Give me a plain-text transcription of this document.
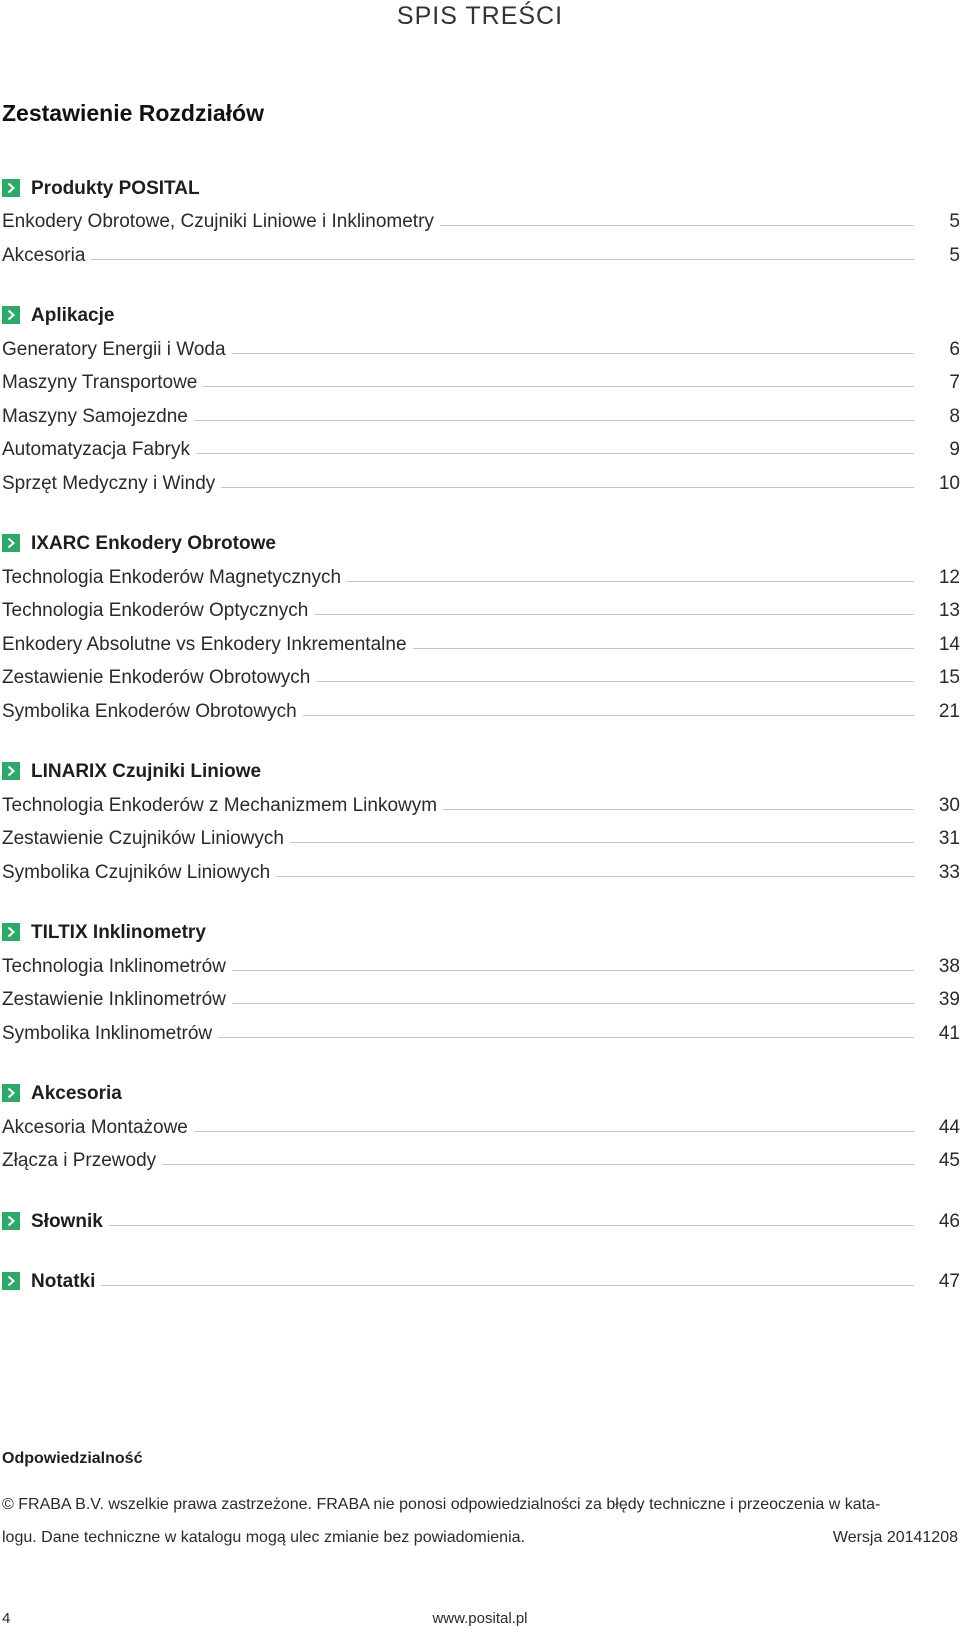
SPIS TREŚCI
Zestawienie Rozdziałów
Produkty POSITAL
Enkodery Obrotowe, Czujniki Liniowe i Inklinometry	5
Akcesoria	5
Aplikacje
Generatory Energii i Woda	6
Maszyny Transportowe	7
Maszyny Samojezdne	8
Automatyzacja Fabryk	9
Sprzęt Medyczny i Windy	10
IXARC Enkodery Obrotowe
Technologia Enkoderów Magnetycznych	12
Technologia Enkoderów Optycznych	13
Enkodery Absolutne vs Enkodery Inkrementalne	14
Zestawienie Enkoderów Obrotowych	15
Symbolika Enkoderów Obrotowych	21
LINARIX Czujniki Liniowe
Technologia Enkoderów z Mechanizmem Linkowym	30
Zestawienie Czujników Liniowych	31
Symbolika Czujników Liniowych	33
TILTIX Inklinometry
Technologia Inklinometrów	38
Zestawienie Inklinometrów	39
Symbolika Inklinometrów	41
Akcesoria
Akcesoria Montażowe	44
Złącza i Przewody	45
Słownik	46
Notatki	47
Odpowiedzialność
© FRABA B.V. wszelkie prawa zastrzeżone. FRABA nie ponosi odpowiedzialności za błędy techniczne i przeoczenia w kata-
logu. Dane techniczne w katalogu mogą ulec zmianie bez powiadomienia.	Wersja 20141208
4	www.posital.pl
